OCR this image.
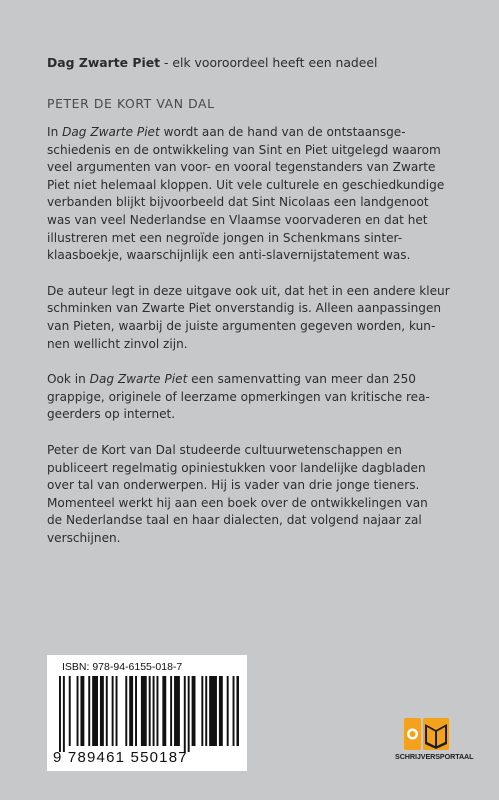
Dag Zwarte Piet - elk vooroordeel heeft een nadeel
PETER DE KORT VAN DAL
In Dag Zwarte Piet wordt aan de hand van de ontstaansge-
schiedenis en de ontwikkeling van Sint en Piet uitgelegd waarom
veel argumenten van voor- en vooral tegenstanders van Zwarte
Piet niet helemaal kloppen. Uit vele culturele en geschiedkundige
verbanden blijkt bijvoorbeeld dat Sint Nicolaas een landgenoot
was van veel Nederlandse en Vlaamse voorvaderen en dat het
illustreren met een negroïde jongen in Schenkmans sinter-
klaasboekje, waarschijnlijk een anti-slavernijstatement was.
De auteur legt in deze uitgave ook uit, dat het in een andere kleur
schminken van Zwarte Piet onverstandig is. Alleen aanpassingen
van Pieten, waarbij de juiste argumenten gegeven worden, kun-
nen wellicht zinvol zijn.
Ook in Dag Zwarte Piet een samenvatting van meer dan 250
grappige, originele of leerzame opmerkingen van kritische rea-
geerders op internet.
Peter de Kort van Dal studeerde cultuurwetenschappen en
publiceert regelmatig opiniestukken voor landelijke dagbladen
over tal van onderwerpen. Hij is vader van drie jonge tieners.
Momenteel werkt hij aan een boek over de ontwikkelingen van
de Nederlandse taal en haar dialecten, dat volgend najaar zal
verschijnen.
ISBN: 978-94-6155-018-7
9 789461 550187	SCHRIJVERSPORTAAL
